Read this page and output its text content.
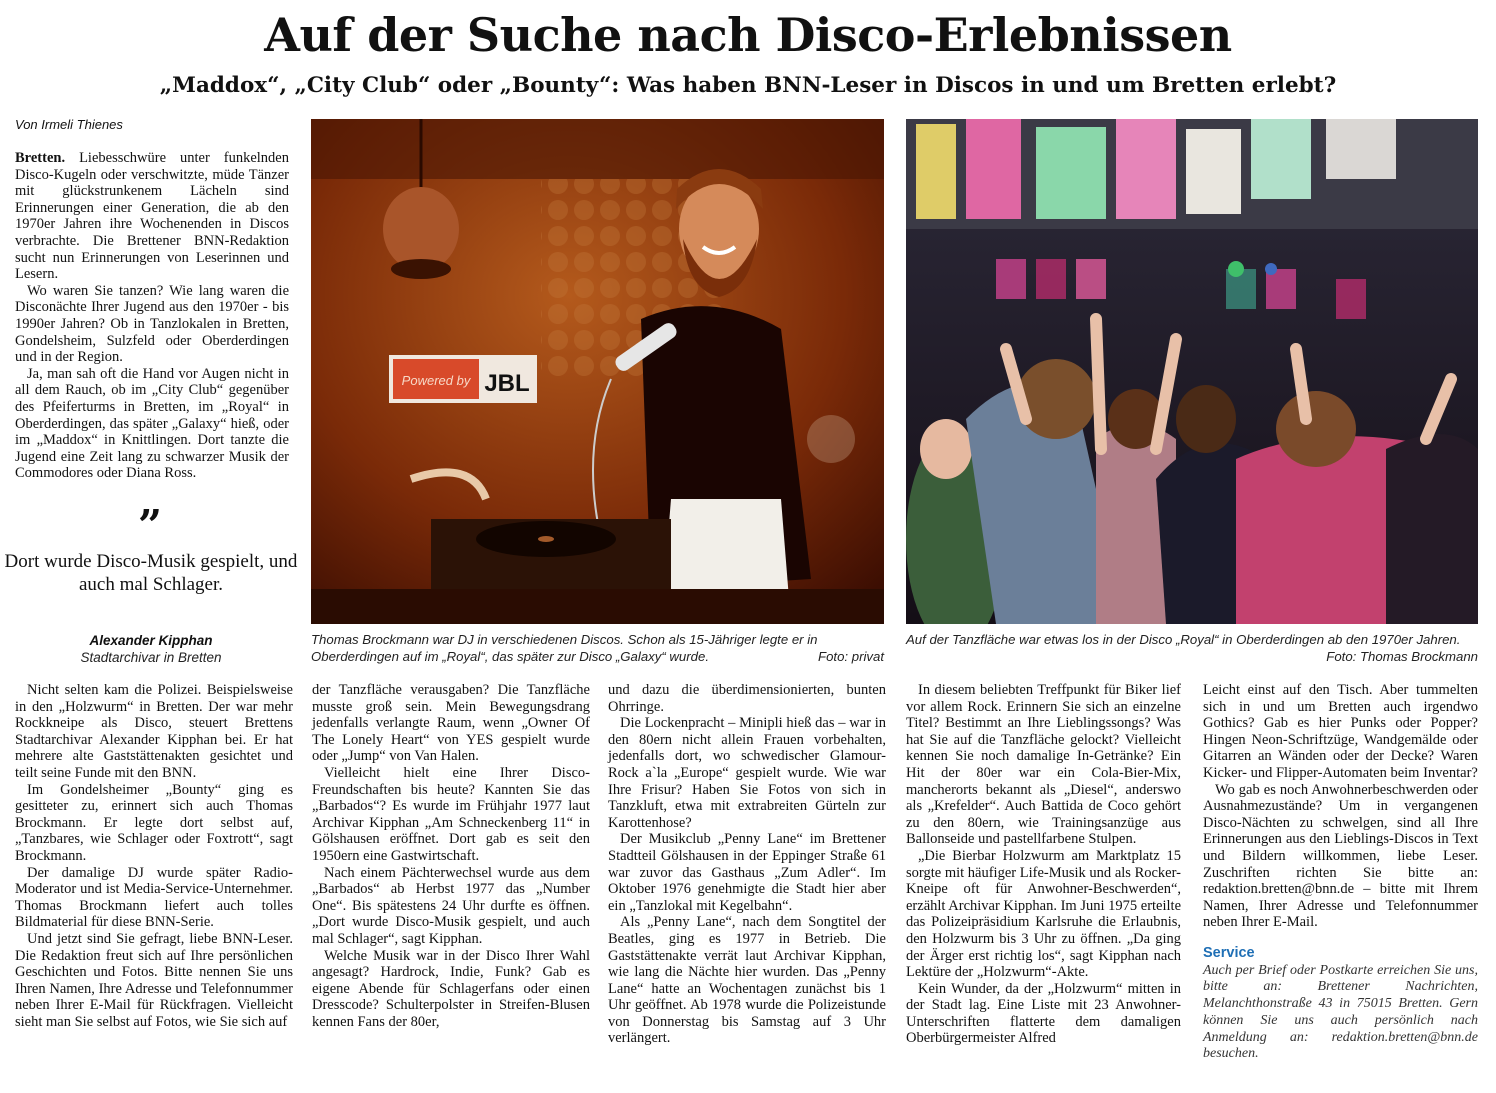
Auf der Suche nach Disco-Erlebnissen
„Maddox“, „City Club“ oder „Bounty“: Was haben BNN-Leser in Discos in und um Bretten erlebt?
Von Irmeli Thienes

Bretten. Liebesschwüre unter funkelnden Disco-Kugeln oder verschwitzte, müde Tänzer mit glückstrunkenem Lächeln sind Erinnerungen einer Generation, die ab den 1970er Jahren ihre Wochenenden in Discos verbrachte. Die Brettener BNN-Redaktion sucht nun Erinnerungen von Leserinnen und Lesern.

Wo waren Sie tanzen? Wie lang waren die Disconächte Ihrer Jugend aus den 1970er - bis 1990er Jahren? Ob in Tanzlokalen in Bretten, Gondelsheim, Sulzfeld oder Oberderdingen und in der Region.

Ja, man sah oft die Hand vor Augen nicht in all dem Rauch, ob im „City Club“ gegenüber des Pfeiferturms in Bretten, im „Royal“ in Oberderdingen, das später „Galaxy“ hieß, oder im „Maddox“ in Knittlingen. Dort tanzte die Jugend eine Zeit lang zu schwarzer Musik der Commodores oder Diana Ross.

”
Dort wurde Disco-Musik gespielt, und auch mal Schlager.
Alexander Kipphan
Stadtarchivar in Bretten
Powered by JBL
Thomas Brockmann war DJ in verschiedenen Discos. Schon als 15-Jähriger legte er in Oberderdingen auf im „Royal“, das später zur Disco „Galaxy“ wurde.	Foto: privat
Auf der Tanzfläche war etwas los in der Disco „Royal“ in Oberderdingen ab den 1970er Jahren.
Foto: Thomas Brockmann

Nicht selten kam die Polizei. Beispielsweise in den „Holzwurm“ in Bretten. Der war mehr Rockkneipe als Disco, steuert Brettens Stadtarchivar Alexander Kipphan bei. Er hat mehrere alte Gaststättenakten gesichtet und teilt seine Funde mit den BNN.

Im Gondelsheimer „Bounty“ ging es gesitteter zu, erinnert sich auch Thomas Brockmann. Er legte dort selbst auf, „Tanzbares, wie Schlager oder Foxtrott“, sagt Brockmann.

Der damalige DJ wurde später Radio-Moderator und ist Media-Service-Unternehmer. Thomas Brockmann liefert auch tolles Bildmaterial für diese BNN-Serie.

Und jetzt sind Sie gefragt, liebe BNN-Leser. Die Redaktion freut sich auf Ihre persönlichen Geschichten und Fotos. Bitte nennen Sie uns Ihren Namen, Ihre Adresse und Telefonnummer neben Ihrer E-Mail für Rückfragen. Vielleicht sieht man Sie selbst auf Fotos, wie Sie sich auf

der Tanzfläche verausgaben? Die Tanzfläche musste groß sein. Mein Bewegungsdrang jedenfalls verlangte Raum, wenn „Owner Of The Lonely Heart“ von YES gespielt wurde oder „Jump“ von Van Halen.

Vielleicht hielt eine Ihrer Disco-Freundschaften bis heute? Kannten Sie das „Barbados“? Es wurde im Frühjahr 1977 laut Archivar Kipphan „Am Schneckenberg 11“ in Gölshausen eröffnet. Dort gab es seit den 1950ern eine Gastwirtschaft.

Nach einem Pächterwechsel wurde aus dem „Barbados“ ab Herbst 1977 das „Number One“. Bis spätestens 24 Uhr durfte es öffnen. „Dort wurde Disco-Musik gespielt, und auch mal Schlager“, sagt Kipphan.

Welche Musik war in der Disco Ihrer Wahl angesagt? Hardrock, Indie, Funk? Gab es eigene Abende für Schlagerfans oder einen Dresscode? Schulterpolster in Streifen-Blusen kennen Fans der 80er,

und dazu die überdimensionierten, bunten Ohrringe.

Die Lockenpracht – Minipli hieß das – war in den 80ern nicht allein Frauen vorbehalten, jedenfalls dort, wo schwedischer Glamour-Rock a`la „Europe“ gespielt wurde. Wie war Ihre Frisur? Haben Sie Fotos von sich in Tanzkluft, etwa mit extrabreiten Gürteln zur Karottenhose?

Der Musikclub „Penny Lane“ im Brettener Stadtteil Gölshausen in der Eppinger Straße 61 war zuvor das Gasthaus „Zum Adler“. Im Oktober 1976 genehmigte die Stadt hier aber ein „Tanzlokal mit Kegelbahn“.

Als „Penny Lane“, nach dem Songtitel der Beatles, ging es 1977 in Betrieb. Die Gaststättenakte verrät laut Archivar Kipphan, wie lang die Nächte hier wurden. Das „Penny Lane“ hatte an Wochentagen zunächst bis 1 Uhr geöffnet. Ab 1978 wurde die Polizeistunde von Donnerstag bis Samstag auf 3 Uhr verlängert.

In diesem beliebten Treffpunkt für Biker lief vor allem Rock. Erinnern Sie sich an einzelne Titel? Bestimmt an Ihre Lieblingssongs? Was hat Sie auf die Tanzfläche gelockt? Vielleicht kennen Sie noch damalige In-Getränke? Ein Hit der 80er war ein Cola-Bier-Mix, mancherorts bekannt als „Diesel“, anderswo als „Krefelder“. Auch Battida de Coco gehört zu den 80ern, wie Trainingsanzüge aus Ballonseide und pastellfarbene Stulpen.

„Die Bierbar Holzwurm am Marktplatz 15 sorgte mit häufiger Life-Musik und als Rocker-Kneipe oft für Anwohner-Beschwerden“, erzählt Archivar Kipphan. Im Juni 1975 erteilte das Polizeipräsidium Karlsruhe die Erlaubnis, den Holzwurm bis 3 Uhr zu öffnen. „Da ging der Ärger erst richtig los“, sagt Kipphan nach Lektüre der „Holzwurm“-Akte.

Kein Wunder, da der „Holzwurm“ mitten in der Stadt lag. Eine Liste mit 23 Anwohner-Unterschriften flatterte dem damaligen Oberbürgermeister Alfred

Leicht einst auf den Tisch. Aber tummelten sich in und um Bretten auch irgendwo Gothics? Gab es hier Punks oder Popper? Hingen Neon-Schriftzüge, Wandgemälde oder Gitarren an Wänden oder der Decke? Waren Kicker- und Flipper-Automaten beim Inventar?

Wo gab es noch Anwohnerbeschwerden oder Ausnahmezustände? Um in vergangenen Disco-Nächten zu schwelgen, sind all Ihre Erinnerungen aus den Lieblings-Discos in Text und Bildern willkommen, liebe Leser. Zuschriften richten Sie bitte an: redaktion.bretten@bnn.de – bitte mit Ihrem Namen, Ihrer Adresse und Telefonnummer neben Ihrer E-Mail.

Service
Auch per Brief oder Postkarte erreichen Sie uns, bitte an: Brettener Nachrichten, Melanchthonstraße 43 in 75015 Bretten. Gern können Sie uns auch persönlich nach Anmeldung an: redaktion.bretten@bnn.de besuchen.
